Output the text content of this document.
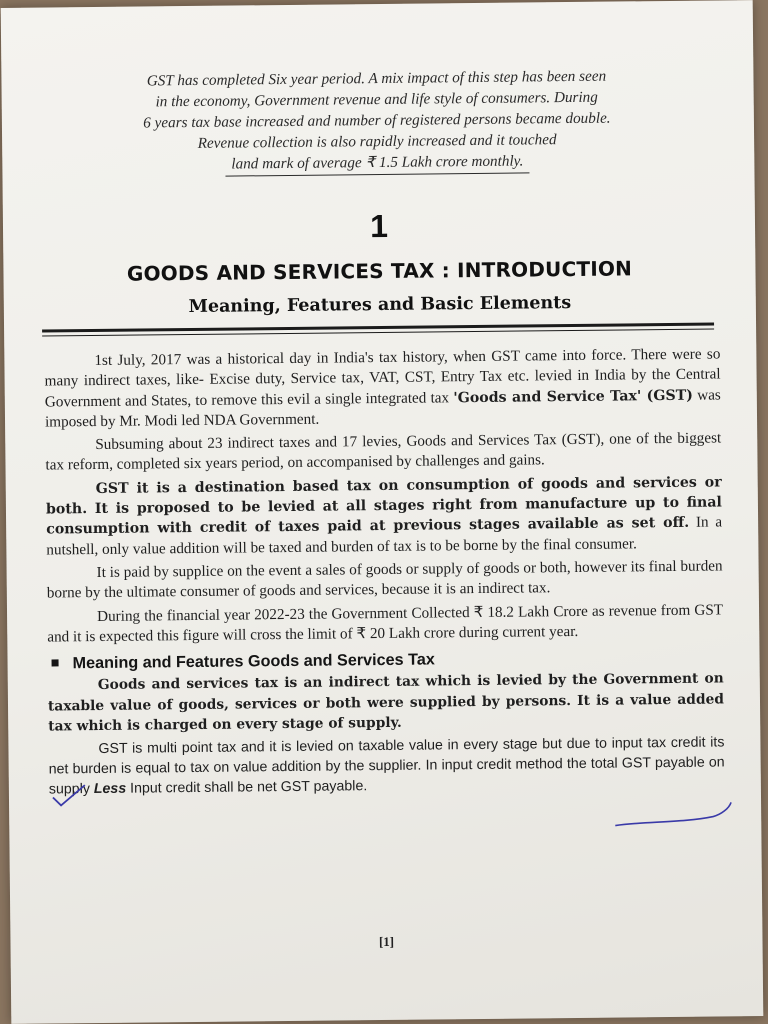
GST has completed Six year period. A mix impact of this step has been seen
in the economy, Government revenue and life style of consumers. During
6 years tax base increased and number of registered persons became double.
Revenue collection is also rapidly increased and it touched
land mark of average ₹ 1.5 Lakh crore monthly.
1
GOODS AND SERVICES TAX : INTRODUCTION
Meaning, Features and Basic Elements

1st July, 2017 was a historical day in India's tax history, when GST came into force. There were so many indirect taxes, like- Excise duty, Service tax, VAT, CST, Entry Tax etc. levied in India by the Central Government and States, to remove this evil a single integrated tax 'Goods and Service Tax' (GST) was imposed by Mr. Modi led NDA Government.

Subsuming about 23 indirect taxes and 17 levies, Goods and Services Tax (GST), one of the biggest tax reform, completed six years period, on accompanised by challenges and gains.

GST it is a destination based tax on consumption of goods and services or both. It is proposed to be levied at all stages right from manufacture up to final consumption with credit of taxes paid at previous stages available as set off. In a nutshell, only value addition will be taxed and burden of tax is to be borne by the final consumer.

It is paid by supplice on the event a sales of goods or supply of goods or both, however its final burden borne by the ultimate consumer of goods and services, because it is an indirect tax.

During the financial year 2022-23 the Government Collected ₹ 18.2 Lakh Crore as revenue from GST and it is expected this figure will cross the limit of ₹ 20 Lakh crore during current year.

Meaning and Features Goods and Services Tax

Goods and services tax is an indirect tax which is levied by the Government on taxable value of goods, services or both were supplied by persons. It is a value added tax which is charged on every stage of supply.

GST is multi point tax and it is levied on taxable value in every stage but due to input tax credit its net burden is equal to tax on value addition by the supplier. In input credit method the total GST payable on supply Less Input credit shall be net GST payable.

[1]
